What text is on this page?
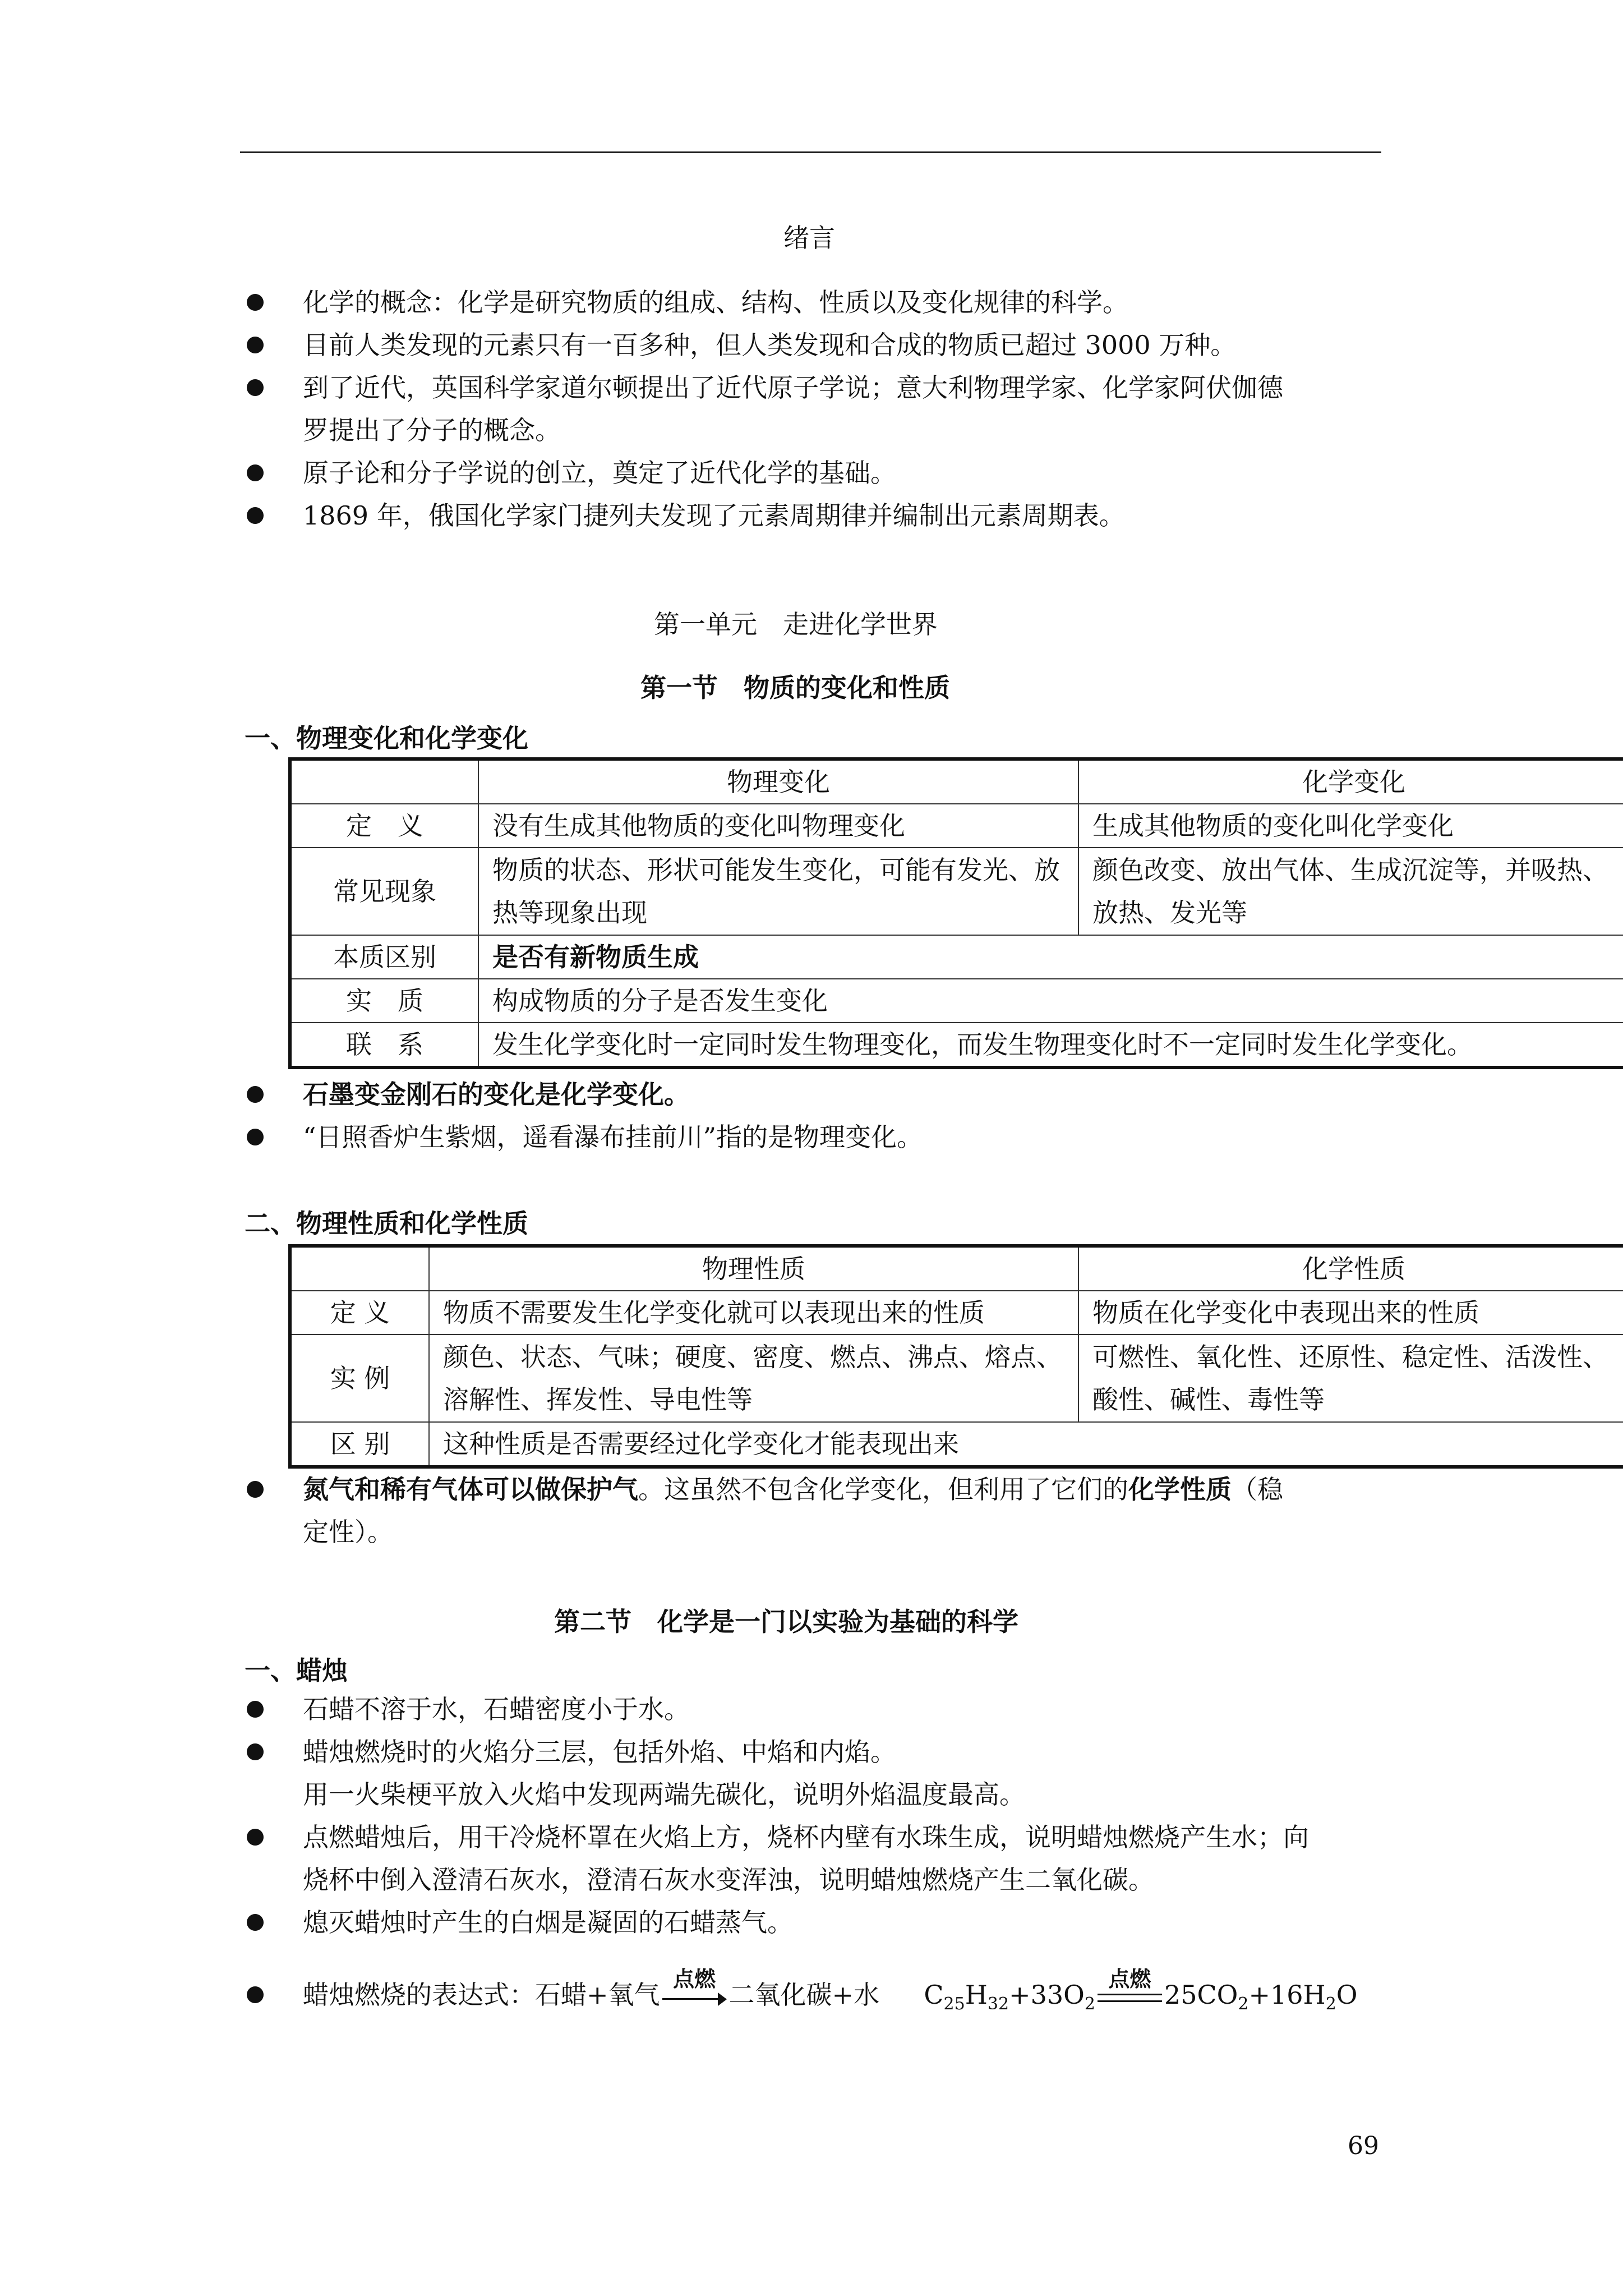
绪言
化学的概念：化学是研究物质的组成、结构、性质以及变化规律的科学。
目前人类发现的元素只有一百多种，但人类发现和合成的物质已超过 3000 万种。
到了近代，英国科学家道尔顿提出了近代原子学说；意大利物理学家、化学家阿伏伽德
罗提出了分子的概念。
原子论和分子学说的创立，奠定了近代化学的基础。
1869 年，俄国化学家门捷列夫发现了元素周期律并编制出元素周期表。
第一单元　走进化学世界
第一节　物质的变化和性质
一、物理变化和化学变化
	物理变化	化学变化
定　义	没有生成其他物质的变化叫物理变化	生成其他物质的变化叫化学变化
常见现象	物质的状态、形状可能发生变化，可能有发光、放热等现象出现	颜色改变、放出气体、生成沉淀等，并吸热、放热、发光等
本质区别	是否有新物质生成	
实　质	构成物质的分子是否发生变化	
联　系	发生化学变化时一定同时发生物理变化，而发生物理变化时不一定同时发生化学变化。	
石墨变金刚石的变化是化学变化。
“日照香炉生紫烟，遥看瀑布挂前川”指的是物理变化。
二、物理性质和化学性质
	物理性质	化学性质
定 义	物质不需要发生化学变化就可以表现出来的性质	物质在化学变化中表现出来的性质
实 例	颜色、状态、气味；硬度、密度、燃点、沸点、熔点、溶解性、挥发性、导电性等	可燃性、氧化性、还原性、稳定性、活泼性、酸性、碱性、毒性等
区 别	这种性质是否需要经过化学变化才能表现出来	
氮气和稀有气体可以做保护气。这虽然不包含化学变化，但利用了它们的化学性质（稳
定性）。
第二节　化学是一门以实验为基础的科学
一、蜡烛
石蜡不溶于水，石蜡密度小于水。
蜡烛燃烧时的火焰分三层，包括外焰、中焰和内焰。
用一火柴梗平放入火焰中发现两端先碳化，说明外焰温度最高。
点燃蜡烛后，用干冷烧杯罩在火焰上方，烧杯内壁有水珠生成，说明蜡烛燃烧产生水；向
烧杯中倒入澄清石灰水，澄清石灰水变浑浊，说明蜡烛燃烧产生二氧化碳。
熄灭蜡烛时产生的白烟是凝固的石蜡蒸气。
蜡烛燃烧的表达式：石蜡+氧气
点燃
二氧化碳+水 $C_{25}H_{32}+33O_2$
点燃
$25CO_2+16H_2O$
69
